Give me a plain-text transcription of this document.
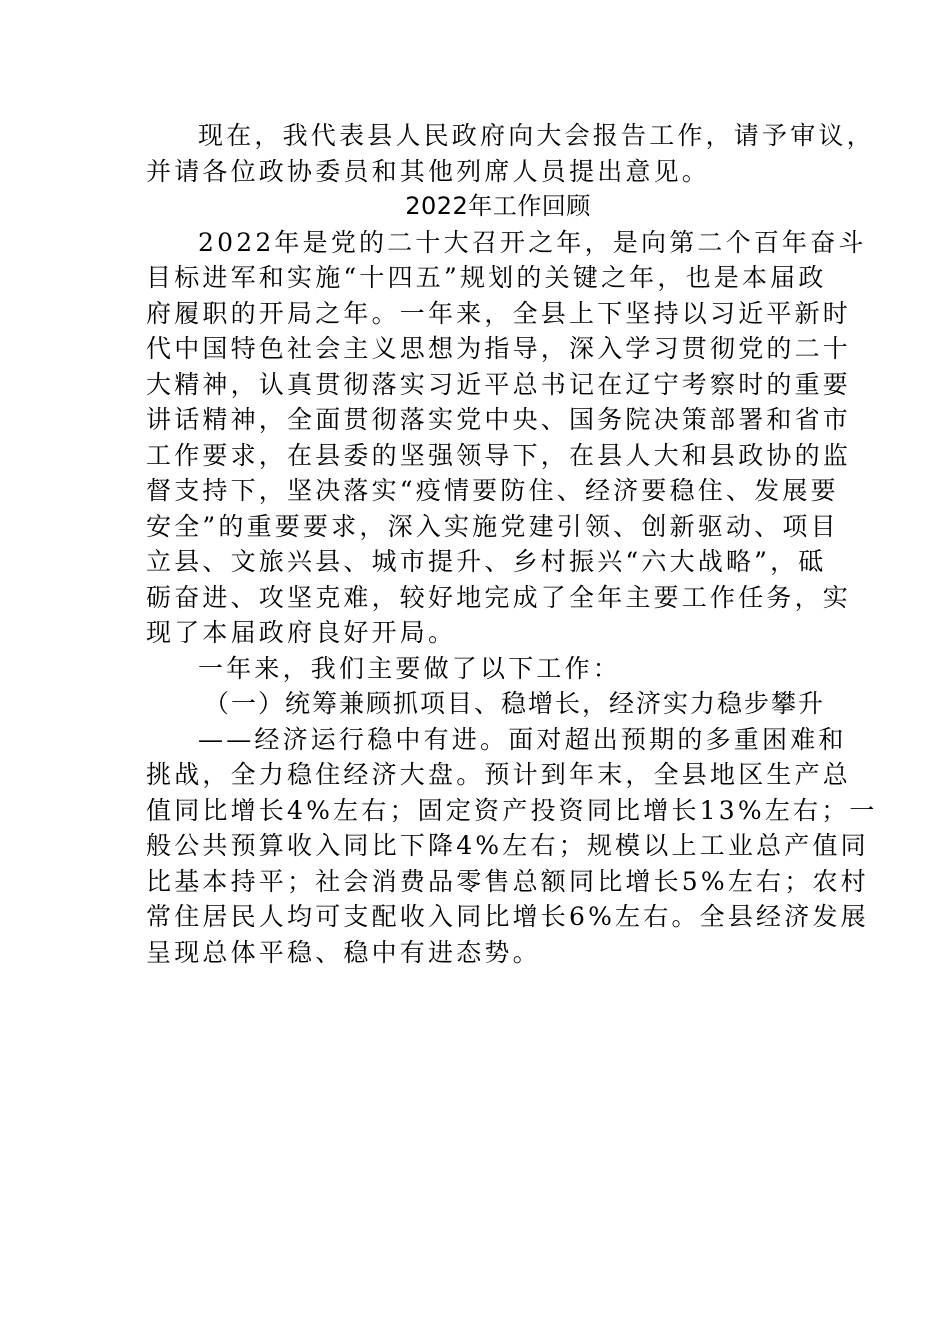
现在，我代表县人民政府向大会报告工作，请予审议，
并请各位政协委员和其他列席人员提出意见。
2022年工作回顾
2022年是党的二十大召开之年，是向第二个百年奋斗
目标进军和实施“十四五”规划的关键之年，也是本届政
府履职的开局之年。一年来，全县上下坚持以习近平新时
代中国特色社会主义思想为指导，深入学习贯彻党的二十
大精神，认真贯彻落实习近平总书记在辽宁考察时的重要
讲话精神，全面贯彻落实党中央、国务院决策部署和省市
工作要求，在县委的坚强领导下，在县人大和县政协的监
督支持下，坚决落实“疫情要防住、经济要稳住、发展要
安全”的重要要求，深入实施党建引领、创新驱动、项目
立县、文旅兴县、城市提升、乡村振兴“六大战略”，砥
砺奋进、攻坚克难，较好地完成了全年主要工作任务，实
现了本届政府良好开局。
一年来，我们主要做了以下工作：
（一）统筹兼顾抓项目、稳增长，经济实力稳步攀升
——经济运行稳中有进。面对超出预期的多重困难和
挑战，全力稳住经济大盘。预计到年末，全县地区生产总
值同比增长4%左右；固定资产投资同比增长13%左右；一
般公共预算收入同比下降4%左右；规模以上工业总产值同
比基本持平；社会消费品零售总额同比增长5%左右；农村
常住居民人均可支配收入同比增长6%左右。全县经济发展
呈现总体平稳、稳中有进态势。
